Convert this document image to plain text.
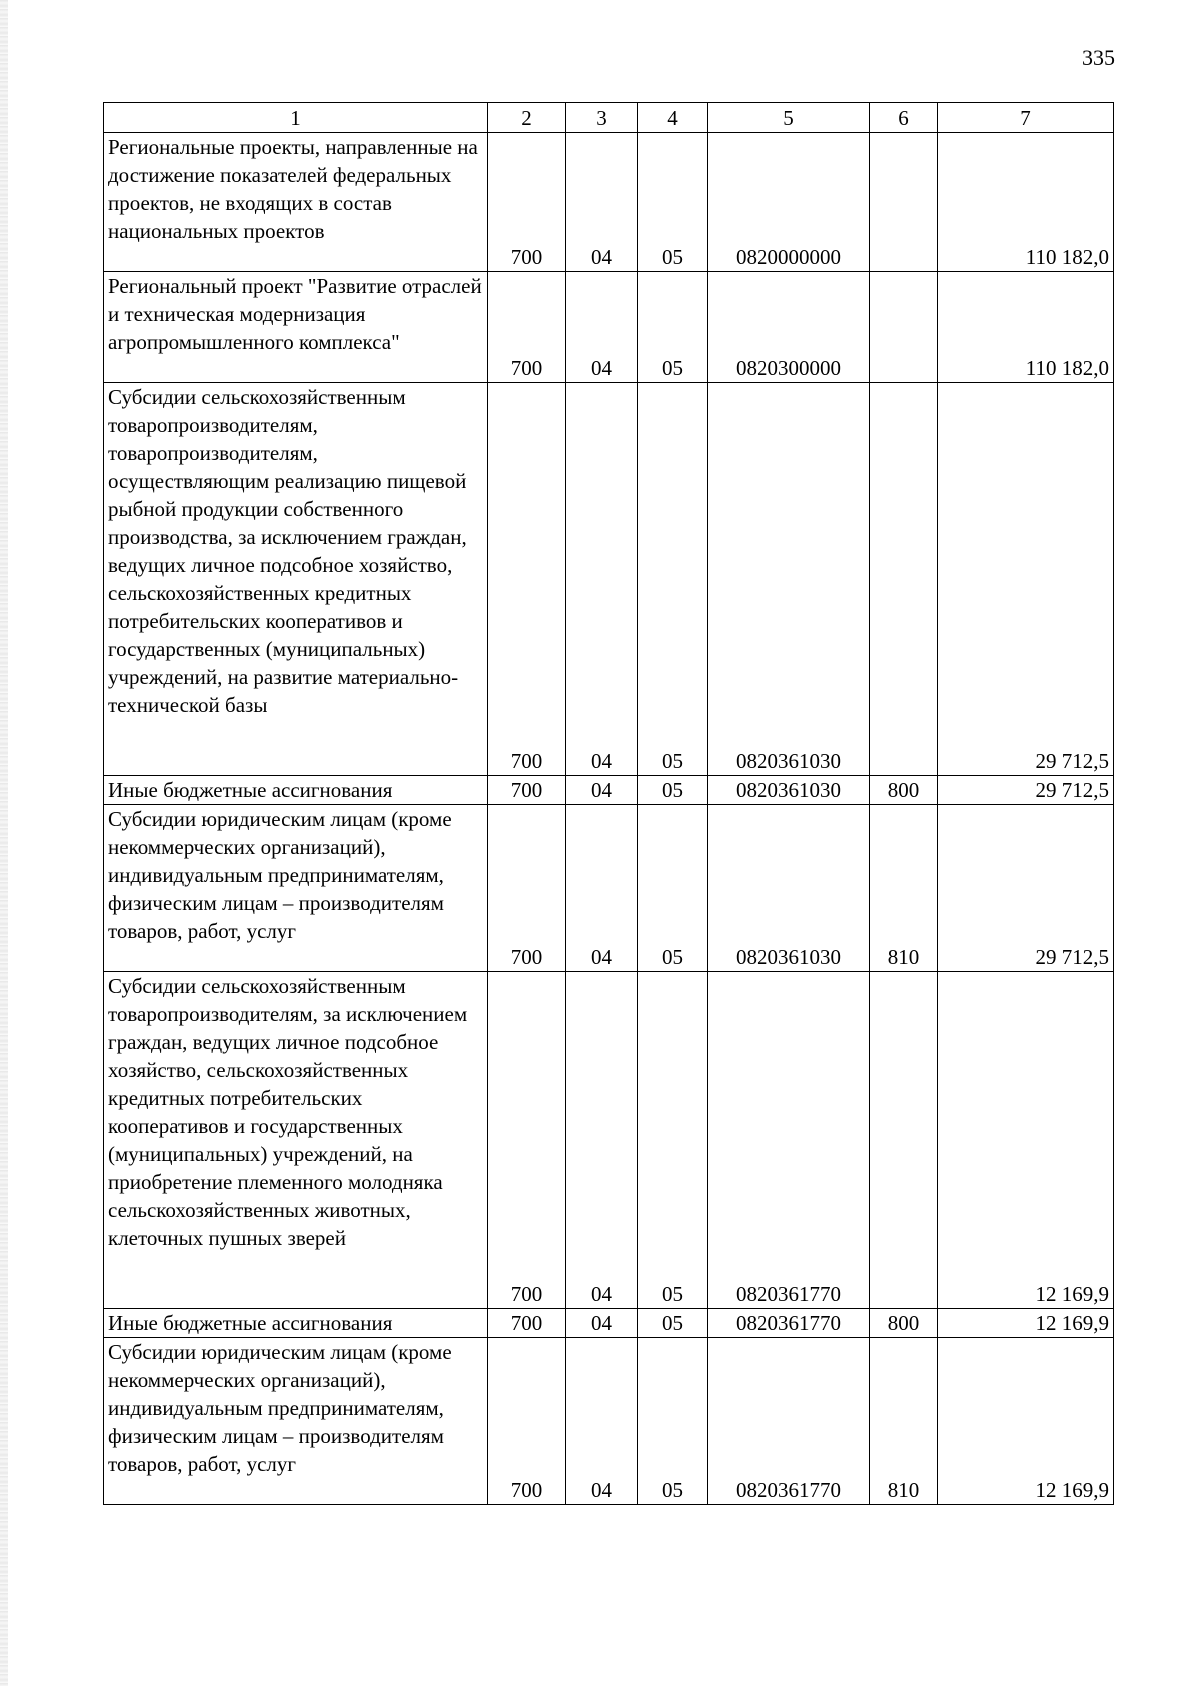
335
1	2	3	4	5	6	7
Региональные проекты, направленные на достижение показателей федеральных проектов, не входящих в состав национальных проектов	700	04	05	0820000000		110 182,0
Региональный проект "Развитие отраслей и техническая модернизация агропромышленного комплекса"	700	04	05	0820300000		110 182,0
Субсидии сельскохозяйственным товаропроизводителям, товаропроизводителям, осуществляющим реализацию пищевой рыбной продукции собственного производства, за исключением граждан, ведущих личное подсобное хозяйство, сельскохозяйственных кредитных потребительских кооперативов и государственных (муниципальных) учреждений, на развитие материально-технической базы	700	04	05	0820361030		29 712,5
Иные бюджетные ассигнования	700	04	05	0820361030	800	29 712,5
Субсидии юридическим лицам (кроме некоммерческих организаций), индивидуальным предпринимателям, физическим лицам – производителям товаров, работ, услуг	700	04	05	0820361030	810	29 712,5
Субсидии сельскохозяйственным товаропроизводителям, за исключением граждан, ведущих личное подсобное хозяйство, сельскохозяйственных кредитных потребительских кооперативов и государственных (муниципальных) учреждений, на приобретение племенного молодняка сельскохозяйственных животных, клеточных пушных зверей	700	04	05	0820361770		12 169,9
Иные бюджетные ассигнования	700	04	05	0820361770	800	12 169,9
Субсидии юридическим лицам (кроме некоммерческих организаций), индивидуальным предпринимателям, физическим лицам – производителям товаров, работ, услуг	700	04	05	0820361770	810	12 169,9
